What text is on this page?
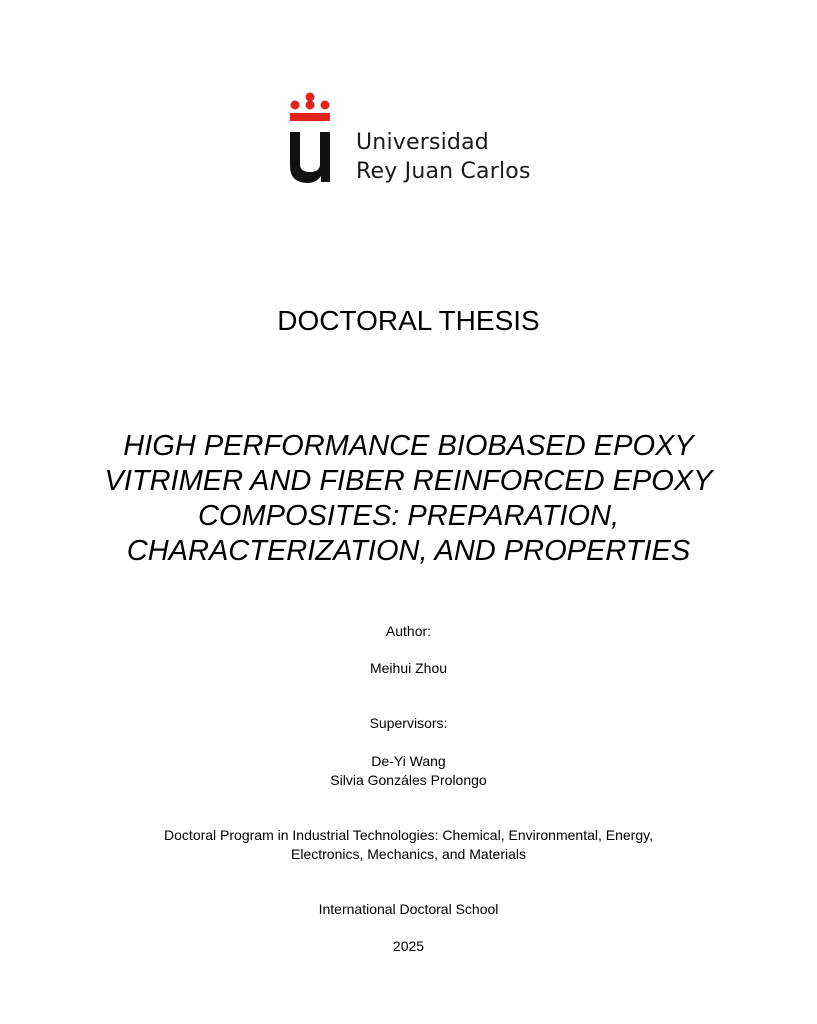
Universidad
Rey Juan Carlos
DOCTORAL THESIS
HIGH PERFORMANCE BIOBASED EPOXY
VITRIMER AND FIBER REINFORCED EPOXY
COMPOSITES: PREPARATION,
CHARACTERIZATION, AND PROPERTIES
Author:
Meihui Zhou
Supervisors:
De-Yi Wang
Silvia Gonzáles Prolongo
Doctoral Program in Industrial Technologies: Chemical, Environmental, Energy,
Electronics, Mechanics, and Materials
International Doctoral School
2025
